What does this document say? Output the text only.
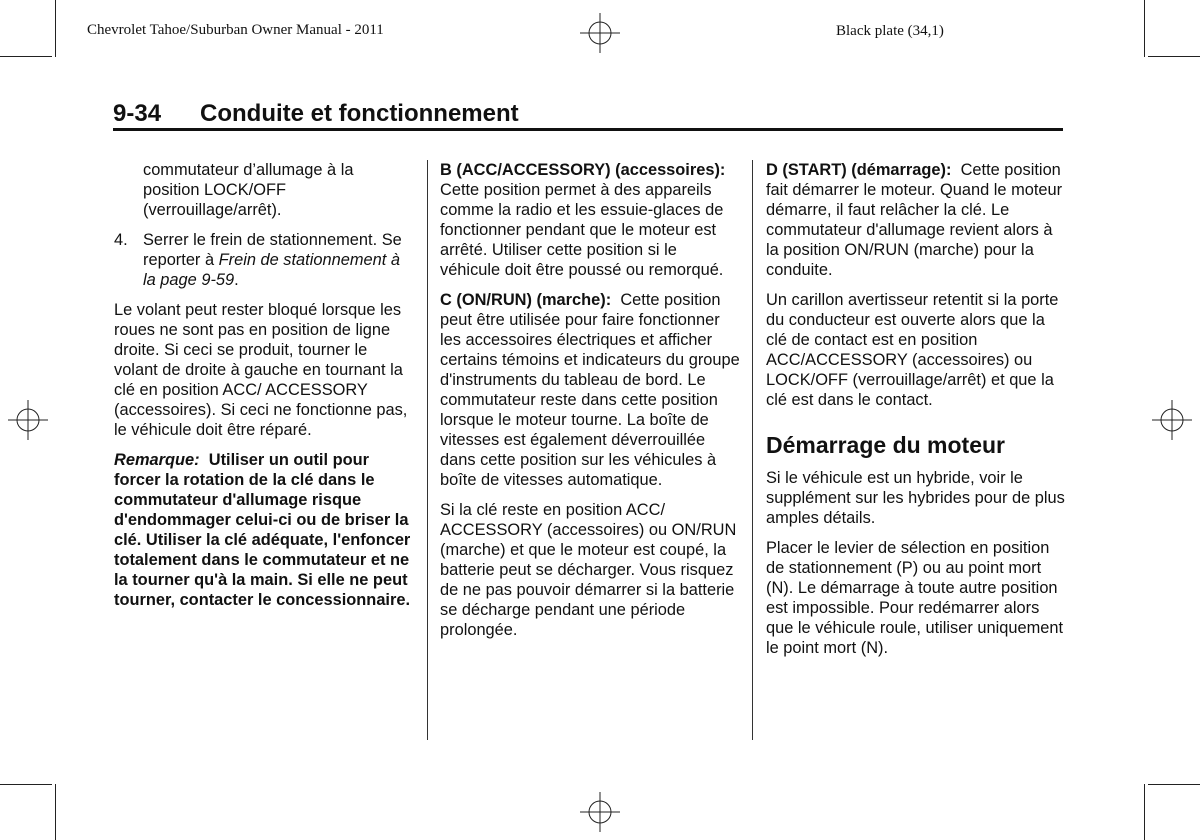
Chevrolet Tahoe/Suburban Owner Manual - 2011	Black plate (34,1)
9-34 Conduite et fonctionnement

commutateur d’allumage à la position LOCK/OFF (verrouillage/arrêt).

4. Serrer le frein de stationnement. Se reporter à Frein de stationnement à la page 9-59.

Le volant peut rester bloqué lorsque les roues ne sont pas en position de ligne droite. Si ceci se produit, tourner le volant de droite à gauche en tournant la clé en position ACC/ ACCESSORY (accessoires). Si ceci ne fonctionne pas, le véhicule doit être réparé.

Remarque: Utiliser un outil pour forcer la rotation de la clé dans le commutateur d'allumage risque d'endommager celui-ci ou de briser la clé. Utiliser la clé adéquate, l'enfoncer totalement dans le commutateur et ne la tourner qu'à la main. Si elle ne peut tourner, contacter le concessionnaire.

B (ACC/ACCESSORY) (accessoires):  Cette position permet à des appareils comme la radio et les essuie-glaces de fonctionner pendant que le moteur est arrêté. Utiliser cette position si le véhicule doit être poussé ou remorqué.

C (ON/RUN) (marche): Cette position peut être utilisée pour faire fonctionner les accessoires électriques et afficher certains témoins et indicateurs du groupe d'instruments du tableau de bord. Le commutateur reste dans cette position lorsque le moteur tourne. La boîte de vitesses est également déverrouillée dans cette position sur les véhicules à boîte de vitesses automatique.

Si la clé reste en position ACC/ ACCESSORY (accessoires) ou ON/RUN (marche) et que le moteur est coupé, la batterie peut se décharger. Vous risquez de ne pas pouvoir démarrer si la batterie se décharge pendant une période prolongée.

D (START) (démarrage): Cette position fait démarrer le moteur. Quand le moteur démarre, il faut relâcher la clé. Le commutateur d'allumage revient alors à la position ON/RUN (marche) pour la conduite.

Un carillon avertisseur retentit si la porte du conducteur est ouverte alors que la clé de contact est en position ACC/ACCESSORY (accessoires) ou LOCK/OFF (verrouillage/arrêt) et que la clé est dans le contact.

Démarrage du moteur

Si le véhicule est un hybride, voir le supplément sur les hybrides pour de plus amples détails.

Placer le levier de sélection en position de stationnement (P) ou au point mort (N). Le démarrage à toute autre position est impossible. Pour redémarrer alors que le véhicule roule, utiliser uniquement le point mort (N).
